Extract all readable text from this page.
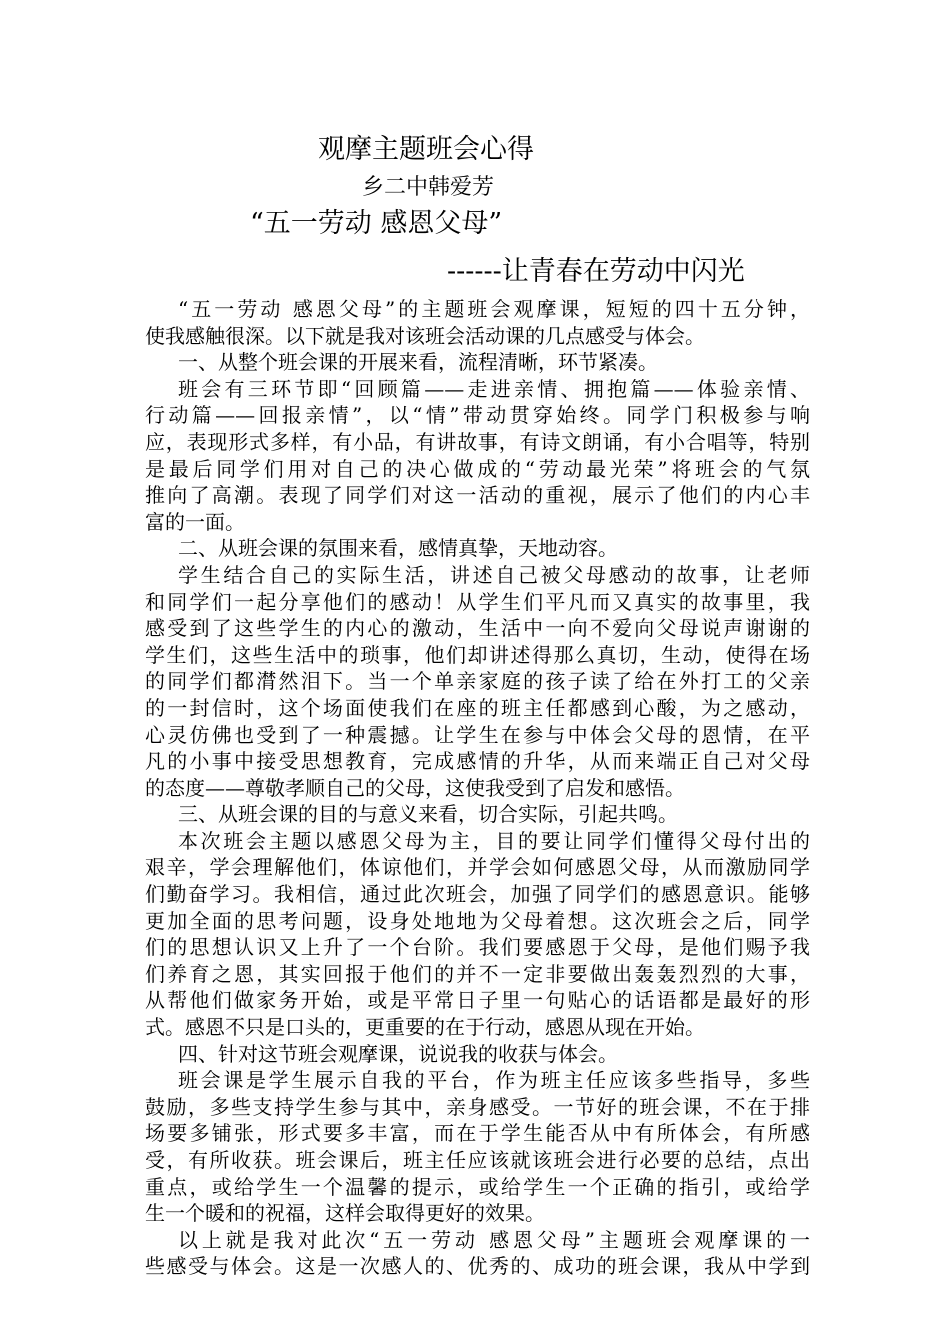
观摩主题班会心得
乡二中韩爱芳
“五一劳动 感恩父母”
------让青春在劳动中闪光
“五一劳动 感恩父母”的主题班会观摩课，短短的四十五分钟，
使我感触很深。以下就是我对该班会活动课的几点感受与体会。
一、从整个班会课的开展来看，流程清晰，环节紧凑。
班会有三环节即“回顾篇——走进亲情、拥抱篇——体验亲情、
行动篇——回报亲情”，以“情”带动贯穿始终。同学门积极参与响
应，表现形式多样，有小品，有讲故事，有诗文朗诵，有小合唱等，特别
是最后同学们用对自己的决心做成的“劳动最光荣”将班会的气氛
推向了高潮。表现了同学们对这一活动的重视，展示了他们的内心丰
富的一面。
二、从班会课的氛围来看，感情真挚，天地动容。
学生结合自己的实际生活，讲述自己被父母感动的故事，让老师
和同学们一起分享他们的感动！从学生们平凡而又真实的故事里，我
感受到了这些学生的内心的激动，生活中一向不爱向父母说声谢谢的
学生们，这些生活中的琐事，他们却讲述得那么真切，生动，使得在场
的同学们都潸然泪下。当一个单亲家庭的孩子读了给在外打工的父亲
的一封信时，这个场面使我们在座的班主任都感到心酸，为之感动，
心灵仿佛也受到了一种震撼。让学生在参与中体会父母的恩情，在平
凡的小事中接受思想教育，完成感情的升华，从而来端正自己对父母
的态度——尊敬孝顺自己的父母，这使我受到了启发和感悟。
三、从班会课的目的与意义来看，切合实际，引起共鸣。
本次班会主题以感恩父母为主，目的要让同学们懂得父母付出的
艰辛，学会理解他们，体谅他们，并学会如何感恩父母，从而激励同学
们勤奋学习。我相信，通过此次班会，加强了同学们的感恩意识。能够
更加全面的思考问题，设身处地地为父母着想。这次班会之后，同学
们的思想认识又上升了一个台阶。我们要感恩于父母，是他们赐予我
们养育之恩，其实回报于他们的并不一定非要做出轰轰烈烈的大事，
从帮他们做家务开始，或是平常日子里一句贴心的话语都是最好的形
式。感恩不只是口头的，更重要的在于行动，感恩从现在开始。
四、针对这节班会观摩课，说说我的收获与体会。
班会课是学生展示自我的平台，作为班主任应该多些指导，多些
鼓励，多些支持学生参与其中，亲身感受。一节好的班会课，不在于排
场要多铺张，形式要多丰富，而在于学生能否从中有所体会，有所感
受，有所收获。班会课后，班主任应该就该班会进行必要的总结，点出
重点，或给学生一个温馨的提示，或给学生一个正确的指引，或给学
生一个暖和的祝福，这样会取得更好的效果。
以上就是我对此次“五一劳动 感恩父母”主题班会观摩课的一
些感受与体会。这是一次感人的、优秀的、成功的班会课，我从中学到
